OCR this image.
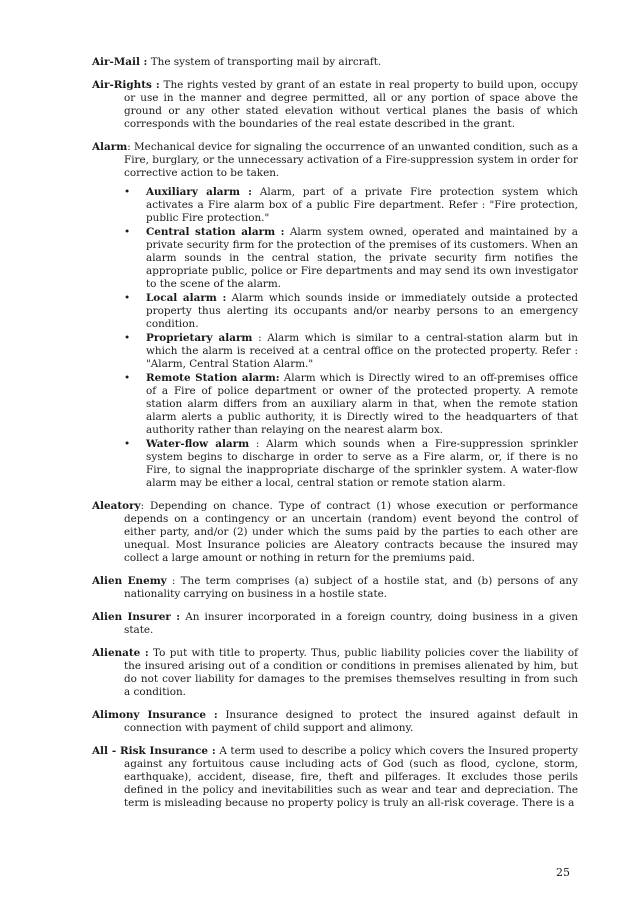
Air-Mail : The system of transporting mail by aircraft.

Air-Rights : The rights vested by grant of an estate in real property to build upon, occupy or use in the manner and degree permitted, all or any portion of space above the ground or any other stated elevation without vertical planes the basis of which corresponds with the boundaries of the real estate described in the grant.

Alarm: Mechanical device for signaling the occurrence of an unwanted condition, such as a Fire, burglary, or the unnecessary activation of a Fire-suppression system in order for corrective action to be taken.

• Auxiliary alarm : Alarm, part of a private Fire protection system which activates a Fire alarm box of a public Fire department. Refer : "Fire protection, public Fire protection."
• Central station alarm : Alarm system owned, operated and maintained by a private security firm for the protection of the premises of its customers. When an alarm sounds in the central station, the private security firm notifies the appropriate public, police or Fire departments and may send its own investigator to the scene of the alarm.
• Local alarm : Alarm which sounds inside or immediately outside a protected property thus alerting its occupants and/or nearby persons to an emergency condition.
• Proprietary alarm : Alarm which is similar to a central-station alarm but in which the alarm is received at a central office on the protected property. Refer : "Alarm, Central Station Alarm."
• Remote Station alarm: Alarm which is Directly wired to an off-premises office of a Fire of police department or owner of the protected property. A remote station alarm differs from an auxiliary alarm in that, when the remote station alarm alerts a public authority, it is Directly wired to the headquarters of that authority rather than relaying on the nearest alarm box.
• Water-flow alarm : Alarm which sounds when a Fire-suppression sprinkler system begins to discharge in order to serve as a Fire alarm, or, if there is no Fire, to signal the inappropriate discharge of the sprinkler system. A water-flow alarm may be either a local, central station or remote station alarm.

Aleatory: Depending on chance. Type of contract (1) whose execution or performance depends on a contingency or an uncertain (random) event beyond the control of either party, and/or (2) under which the sums paid by the parties to each other are unequal. Most Insurance policies are Aleatory contracts because the insured may collect a large amount or nothing in return for the premiums paid.

Alien Enemy : The term comprises (a) subject of a hostile stat, and (b) persons of any nationality carrying on business in a hostile state.

Alien Insurer : An insurer incorporated in a foreign country, doing business in a given state.

Alienate : To put with title to property. Thus, public liability policies cover the liability of the insured arising out of a condition or conditions in premises alienated by him, but do not cover liability for damages to the premises themselves resulting in from such a condition.

Alimony Insurance : Insurance designed to protect the insured against default in connection with payment of child support and alimony.

All - Risk Insurance : A term used to describe a policy which covers the Insured property against any fortuitous cause including acts of God (such as flood, cyclone, storm, earthquake), accident, disease, fire, theft and pilferages. It excludes those perils defined in the policy and inevitabilities such as wear and tear and depreciation. The term is misleading because no property policy is truly an all-risk coverage. There is a

25
